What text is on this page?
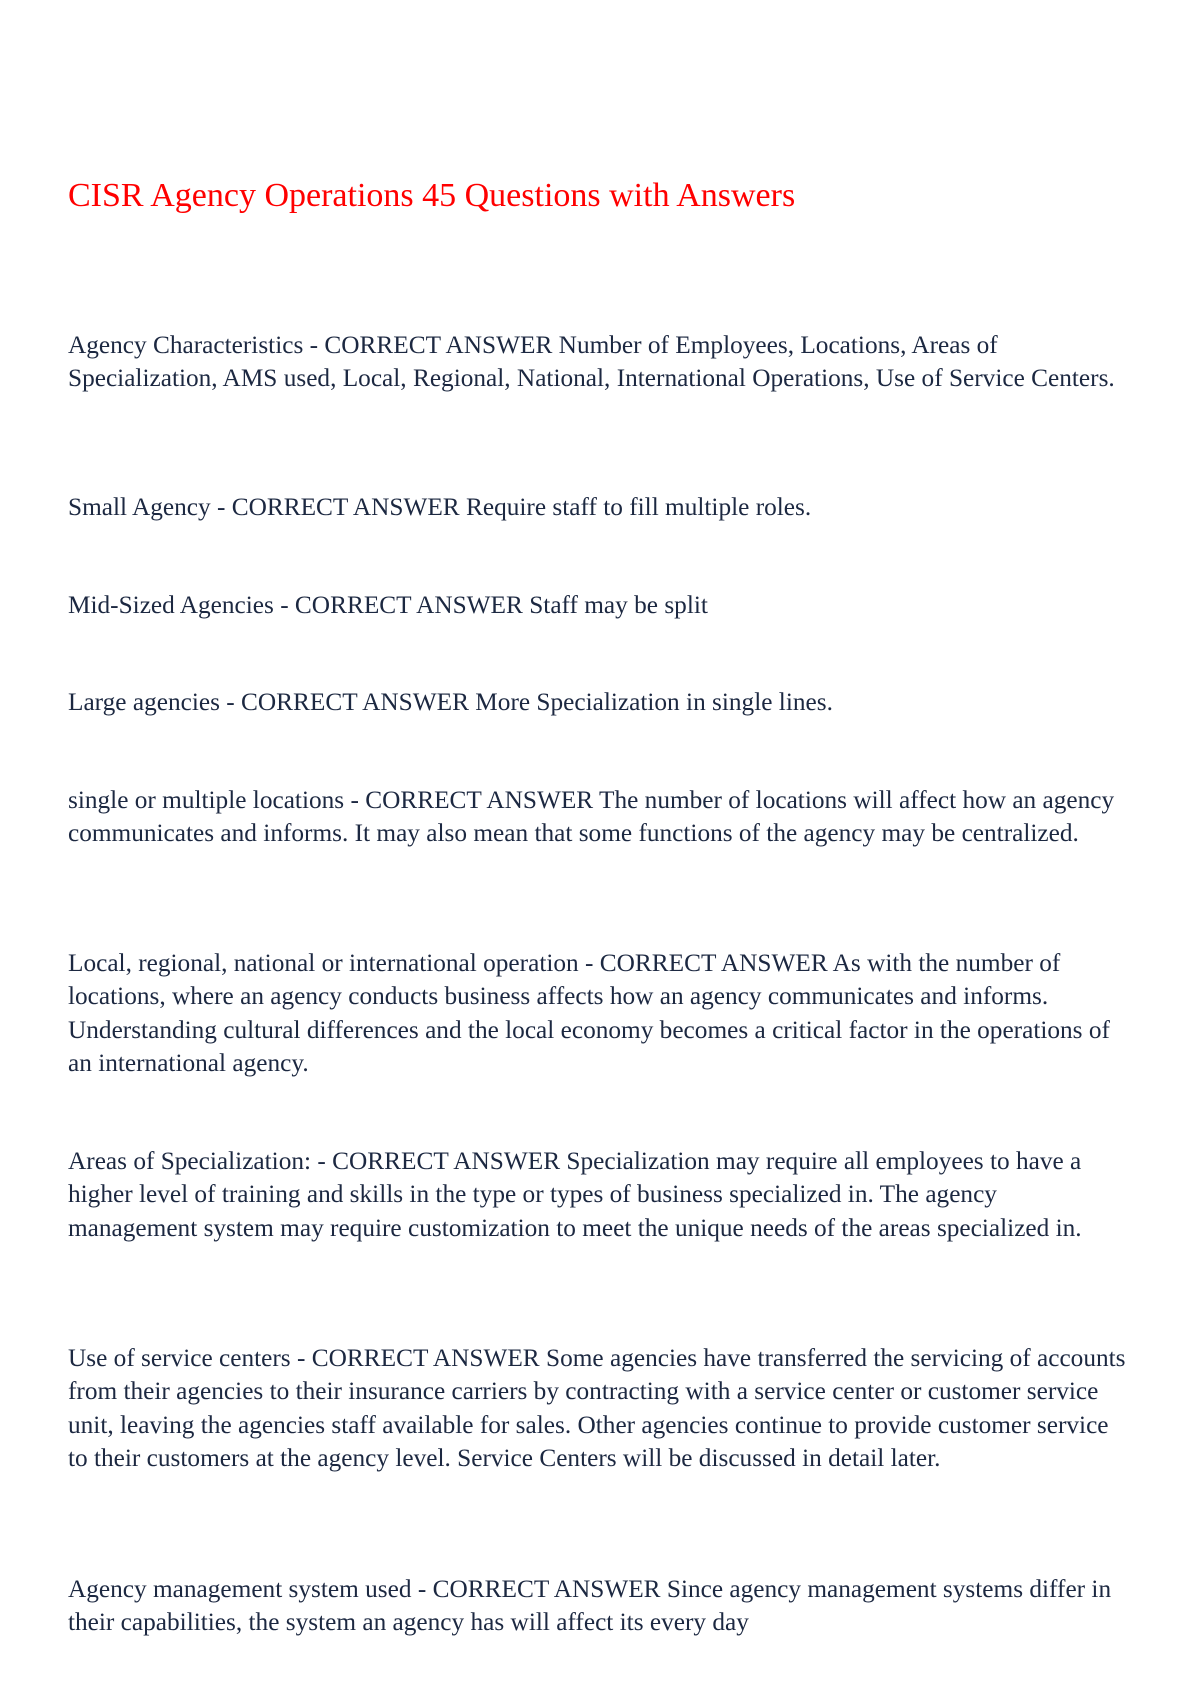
CISR Agency Operations 45 Questions with Answers

Agency Characteristics - CORRECT ANSWER Number of Employees, Locations, Areas of Specialization, AMS used, Local, Regional, National, International Operations, Use of Service Centers.

Small Agency - CORRECT ANSWER Require staff to fill multiple roles.

Mid-Sized Agencies - CORRECT ANSWER Staff may be split

Large agencies - CORRECT ANSWER More Specialization in single lines.

single or multiple locations - CORRECT ANSWER The number of locations will affect how an agency communicates and informs. It may also mean that some functions of the agency may be centralized.

Local, regional, national or international operation - CORRECT ANSWER As with the number of locations, where an agency conducts business affects how an agency communicates and informs. Understanding cultural differences and the local economy becomes a critical factor in the operations of an international agency.

Areas of Specialization: - CORRECT ANSWER Specialization may require all employees to have a higher level of training and skills in the type or types of business specialized in. The agency management system may require customization to meet the unique needs of the areas specialized in.

Use of service centers - CORRECT ANSWER Some agencies have transferred the servicing of accounts from their agencies to their insurance carriers by contracting with a service center or customer service unit, leaving the agencies staff available for sales. Other agencies continue to provide customer service to their customers at the agency level. Service Centers will be discussed in detail later.

Agency management system used - CORRECT ANSWER Since agency management systems differ in their capabilities, the system an agency has will affect its every day
